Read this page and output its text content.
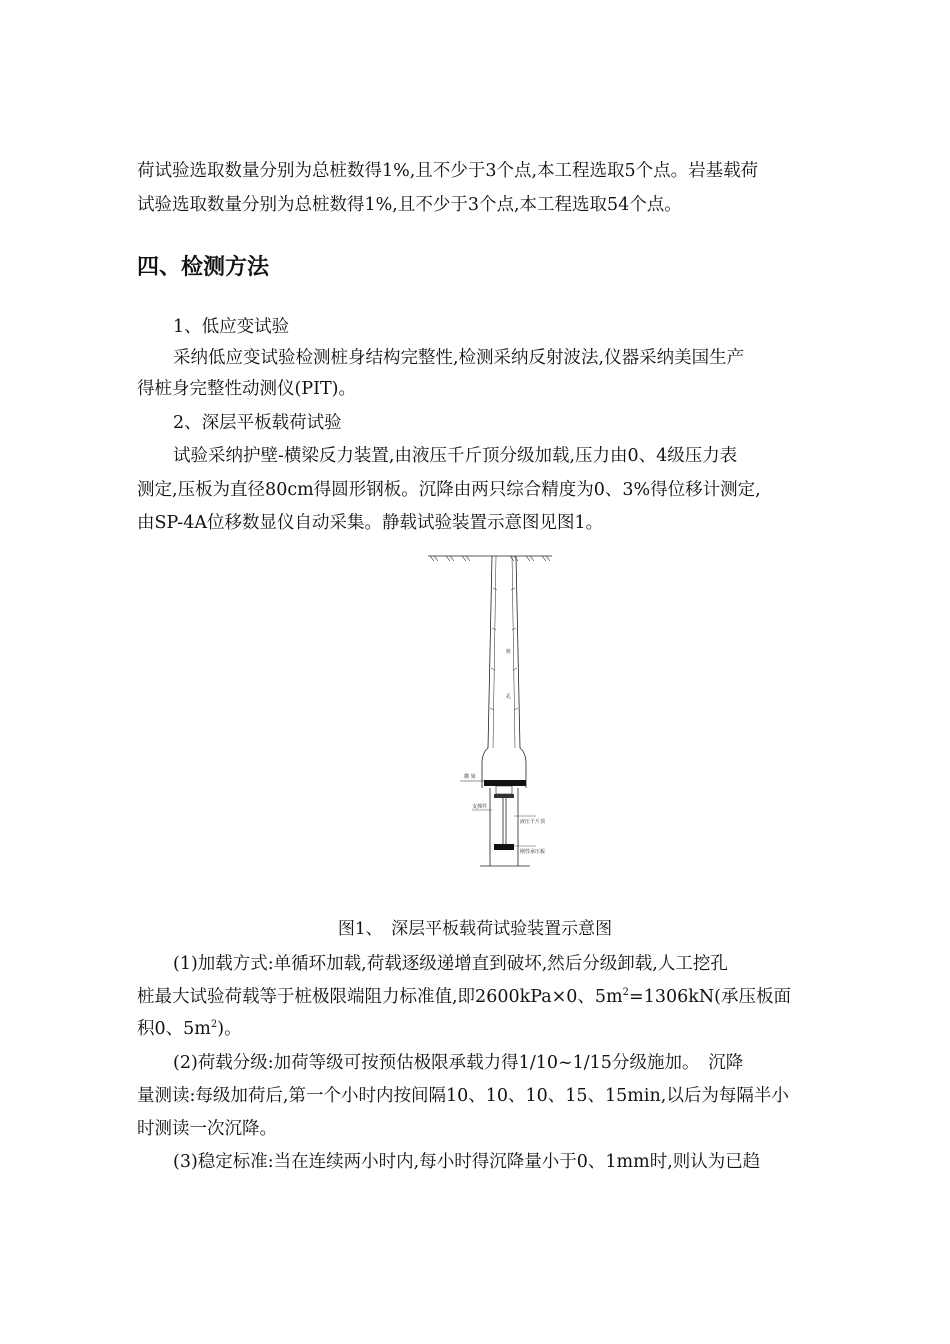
荷试验选取数量分别为总桩数得1%,且不少于3个点,本工程选取5个点。岩基载荷
试验选取数量分别为总桩数得1%,且不少于3个点,本工程选取54个点。
四、检测方法
1、低应变试验
采纳低应变试验检测桩身结构完整性,检测采纳反射波法,仪器采纳美国生产
得桩身完整性动测仪(PIT)。
2、深层平板载荷试验
试验采纳护壁-横梁反力装置,由液压千斤顶分级加载,压力由0、4级压力表
测定,压板为直径80cm得圆形钢板。沉降由两只综合精度为0、3%得位移计测定,
由SP-4A位移数显仪自动采集。静载试验装置示意图见图1。
横 梁
支撑件
液压千斤顶
刚性承压板
桩
孔
图1、　深层平板载荷试验装置示意图
(1)加载方式:单循环加载,荷载逐级递增直到破坏,然后分级卸载,人工挖孔
桩最大试验荷载等于桩极限端阻力标准值,即2600kPa×0、$5m^2=1306kN$(承压板面
积0、$5m^2$)。
(2)荷载分级:加荷等级可按预估极限承载力得1/10~1/15分级施加。　沉降
量测读:每级加荷后,第一个小时内按间隔10、10、10、15、15min,以后为每隔半小
时测读一次沉降。
(3)稳定标准:当在连续两小时内,每小时得沉降量小于0、1mm时,则认为已趋
